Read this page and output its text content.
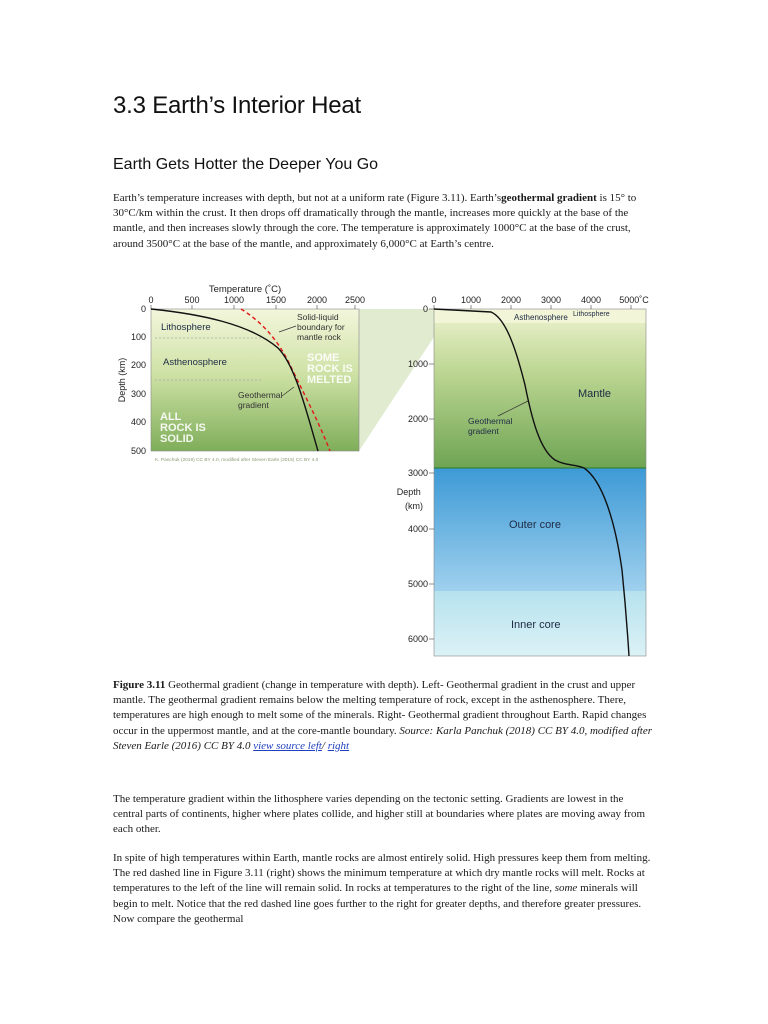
3.3 Earth’s Interior Heat
Earth Gets Hotter the Deeper You Go

Earth’s temperature increases with depth, but not at a uniform rate (Figure 3.11). Earth’sgeothermal gradient is 15° to 30°C/km within the crust. It then drops off dramatically through the mantle, increases more quickly at the base of the mantle, and then increases slowly through the core. The temperature is approximately 1000°C at the base of the crust, around 3500°C at the base of the mantle, and approximately 6,000°C at Earth’s centre.

Temperature (˚C)
0	500	1000 1500 2000 2500
0
100
200
300
400
500
Depth (km)
Lithosphere
Asthenosphere
Solid-liquid boundary for mantle rock
SOME ROCK IS MELTED
Geothermal gradient
ALL ROCK IS SOLID
K. Panchuk (2018) CC BY 4.0, modified after Steven Earle (2015) CC BY 4.0
0	1000 2000 3000 4000 5000˚C
0
1000
2000
3000
4000
5000
6000
Depth (km)
Asthenosphere Lithosphere
Mantle
Geothermal gradient
Outer core
Inner core

Figure 3.11 Geothermal gradient (change in temperature with depth). Left- Geothermal gradient in the crust and upper mantle. The geothermal gradient remains below the melting temperature of rock, except in the asthenosphere. There, temperatures are high enough to melt some of the minerals. Right- Geothermal gradient throughout Earth. Rapid changes occur in the uppermost mantle, and at the core-mantle boundary. Source: Karla Panchuk (2018) CC BY 4.0, modified after Steven Earle (2016) CC BY 4.0 view source left/ right

The temperature gradient within the lithosphere varies depending on the tectonic setting. Gradients are lowest in the central parts of continents, higher where plates collide, and higher still at boundaries where plates are moving away from each other.

In spite of high temperatures within Earth, mantle rocks are almost entirely solid. High pressures keep them from melting. The red dashed line in Figure 3.11 (right) shows the minimum temperature at which dry mantle rocks will melt. Rocks at temperatures to the left of the line will remain solid. In rocks at temperatures to the right of the line, some minerals will begin to melt. Notice that the red dashed line goes further to the right for greater depths, and therefore greater pressures. Now compare the geothermal
